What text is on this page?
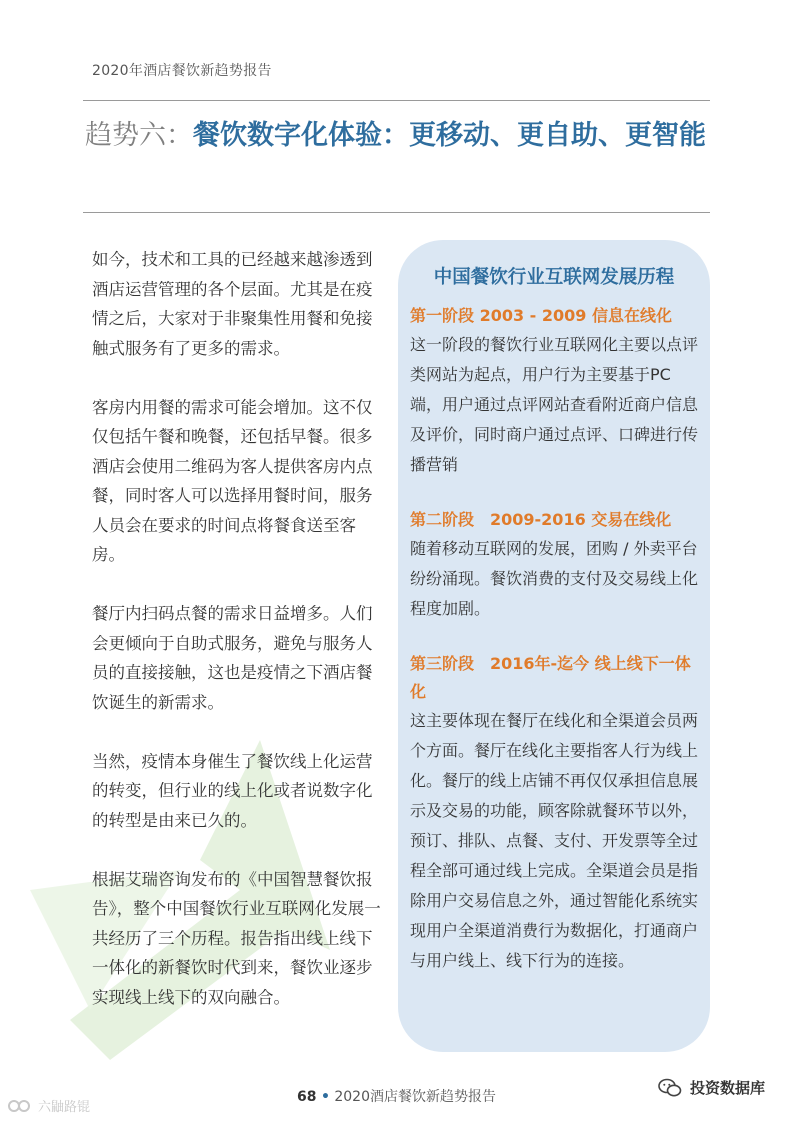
2020年酒店餐饮新趋势报告
趋势六：餐饮数字化体验：更移动、更自助、更智能

如今，技术和工具的已经越来越渗透到酒店运营管理的各个层面。尤其是在疫情之后，大家对于非聚集性用餐和免接触式服务有了更多的需求。

客房内用餐的需求可能会增加。这不仅仅包括午餐和晚餐，还包括早餐。很多酒店会使用二维码为客人提供客房内点餐，同时客人可以选择用餐时间，服务人员会在要求的时间点将餐食送至客房。

餐厅内扫码点餐的需求日益增多。人们会更倾向于自助式服务，避免与服务人员的直接接触，这也是疫情之下酒店餐饮诞生的新需求。

当然，疫情本身催生了餐饮线上化运营的转变，但行业的线上化或者说数字化的转型是由来已久的。

根据艾瑞咨询发布的《中国智慧餐饮报告》，整个中国餐饮行业互联网化发展一共经历了三个历程。报告指出线上线下一体化的新餐饮时代到来，餐饮业逐步实现线上线下的双向融合。

中国餐饮行业互联网发展历程
第一阶段 2003 - 2009 信息在线化
这一阶段的餐饮行业互联网化主要以点评类网站为起点，用户行为主要基于PC端，用户通过点评网站查看附近商户信息及评价，同时商户通过点评、口碑进行传播营销
第二阶段　2009-2016 交易在线化
随着移动互联网的发展，团购 / 外卖平台纷纷涌现。餐饮消费的支付及交易线上化程度加剧。
第三阶段　2016年-迄今 线上线下一体化
这主要体现在餐厅在线化和全渠道会员两个方面。餐厅在线化主要指客人行为线上化。餐厅的线上店铺不再仅仅承担信息展示及交易的功能，顾客除就餐环节以外，预订、排队、点餐、支付、开发票等全过程全部可通过线上完成。全渠道会员是指除用户交易信息之外，通过智能化系统实现用户全渠道消费行为数据化，打通商户与用户线上、线下行为的连接。
68 • 2020酒店餐饮新趋势报告
六鼬路锟
投资数据库
